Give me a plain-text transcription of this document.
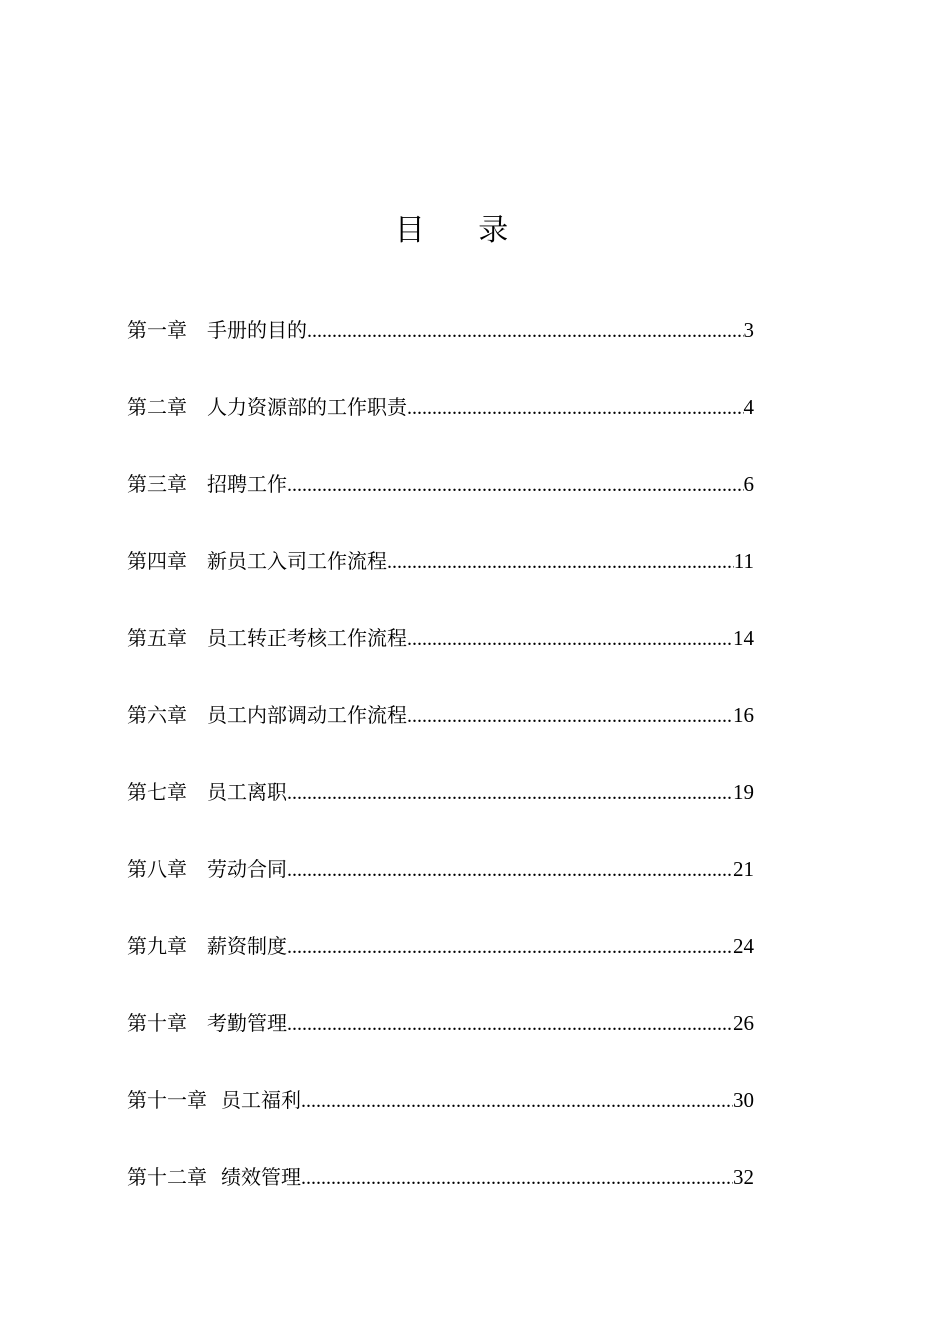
目 录
第一章 手册的目的 .....	3
第二章 人力资源部的工作职责 .....	4
第三章 招聘工作 .....	6
第四章 新员工入司工作流程 .....	11
第五章 员工转正考核工作流程 .....	14
第六章 员工内部调动工作流程 .....	16
第七章 员工离职 .....	19
第八章 劳动合同 .....	21
第九章 薪资制度 .....	24
第十章 考勤管理 .....	26
第十一章 员工福利 .....	30
第十二章 绩效管理 .....	32
